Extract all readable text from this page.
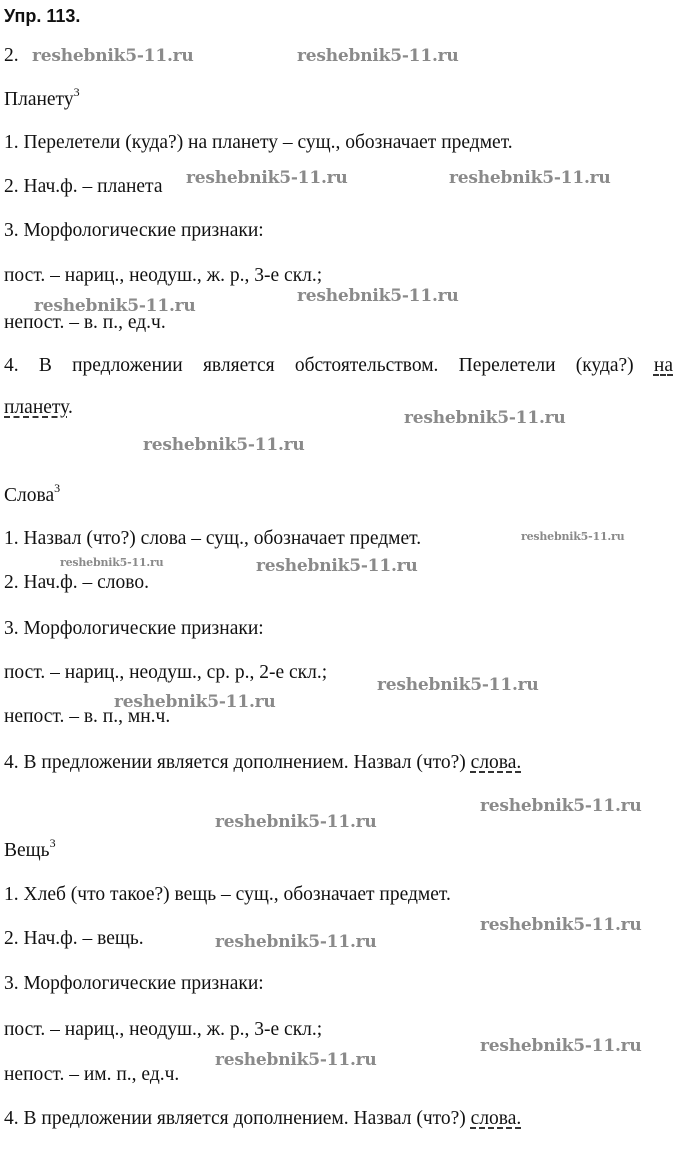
Упр. 113.
2.
Планету$^3$
1. Перелетели (куда?) на планету – сущ., обозначает предмет.
2. Нач.ф. – планета
3. Морфологические признаки:
пост. – нариц., неодуш., ж. р., 3-е скл.;
непост. – в. п., ед.ч.
4. В предложении является обстоятельством. Перелетели (куда?) на
планету.
Слова$^3$
1. Назвал (что?) слова – сущ., обозначает предмет.
2. Нач.ф. – слово.
3. Морфологические признаки:
пост. – нариц., неодуш., ср. р., 2-е скл.;
непост. – в. п., мн.ч.
4. В предложении является дополнением. Назвал (что?) слова.
Вещь$^3$
1. Хлеб (что такое?) вещь – сущ., обозначает предмет.
2. Нач.ф. – вещь.
3. Морфологические признаки:
пост. – нариц., неодуш., ж. р., 3-е скл.;
непост. – им. п., ед.ч.
4. В предложении является дополнением. Назвал (что?) слова.
reshebnik5-11.ru	reshebnik5-11.ru
reshebnik5-11.ru	reshebnik5-11.ru
reshebnik5-11.ru
reshebnik5-11.ru
reshebnik5-11.ru
reshebnik5-11.ru
reshebnik5-11.ru
reshebnik5-11.ru	reshebnik5-11.ru
reshebnik5-11.ru
reshebnik5-11.ru
reshebnik5-11.ru
reshebnik5-11.ru
reshebnik5-11.ru
reshebnik5-11.ru
reshebnik5-11.ru
reshebnik5-11.ru
